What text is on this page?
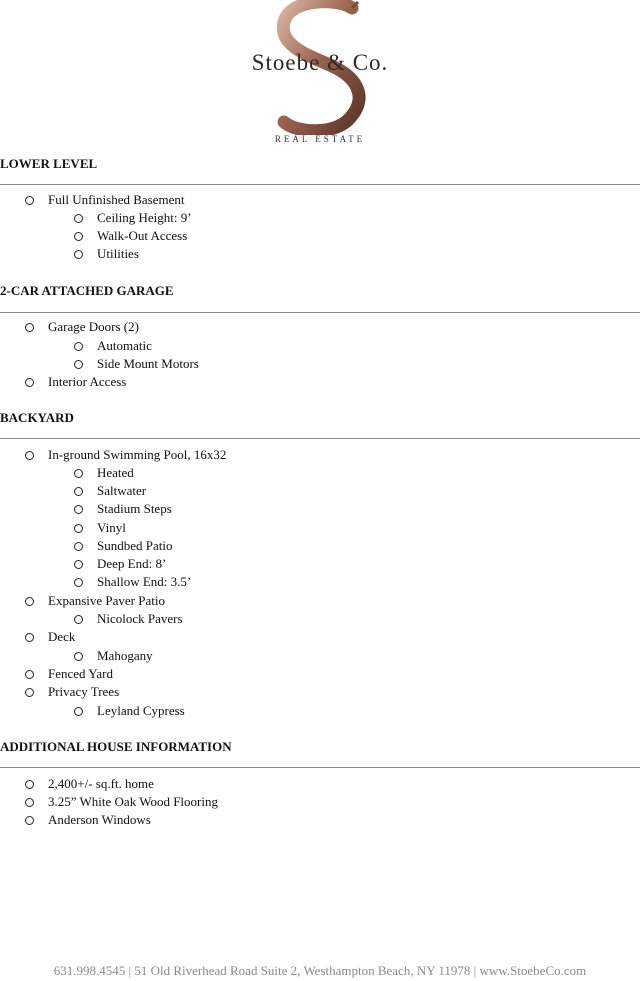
Stoebe & Co.
REAL ESTATE
LOWER LEVEL
Full Unfinished Basement
Ceiling Height: 9’
Walk-Out Access
Utilities
2-CAR ATTACHED GARAGE
Garage Doors (2)
Automatic
Side Mount Motors
Interior Access
BACKYARD
In-ground Swimming Pool, 16x32
Heated
Saltwater
Stadium Steps
Vinyl
Sundbed Patio
Deep End: 8’
Shallow End: 3.5’
Expansive Paver Patio
Nicolock Pavers
Deck
Mahogany
Fenced Yard
Privacy Trees
Leyland Cypress
ADDITIONAL HOUSE INFORMATION
2,400+/- sq.ft. home
3.25” White Oak Wood Flooring
Anderson Windows
631.998.4545 | 51 Old Riverhead Road Suite 2, Westhampton Beach, NY 11978 | www.StoebeCo.com
